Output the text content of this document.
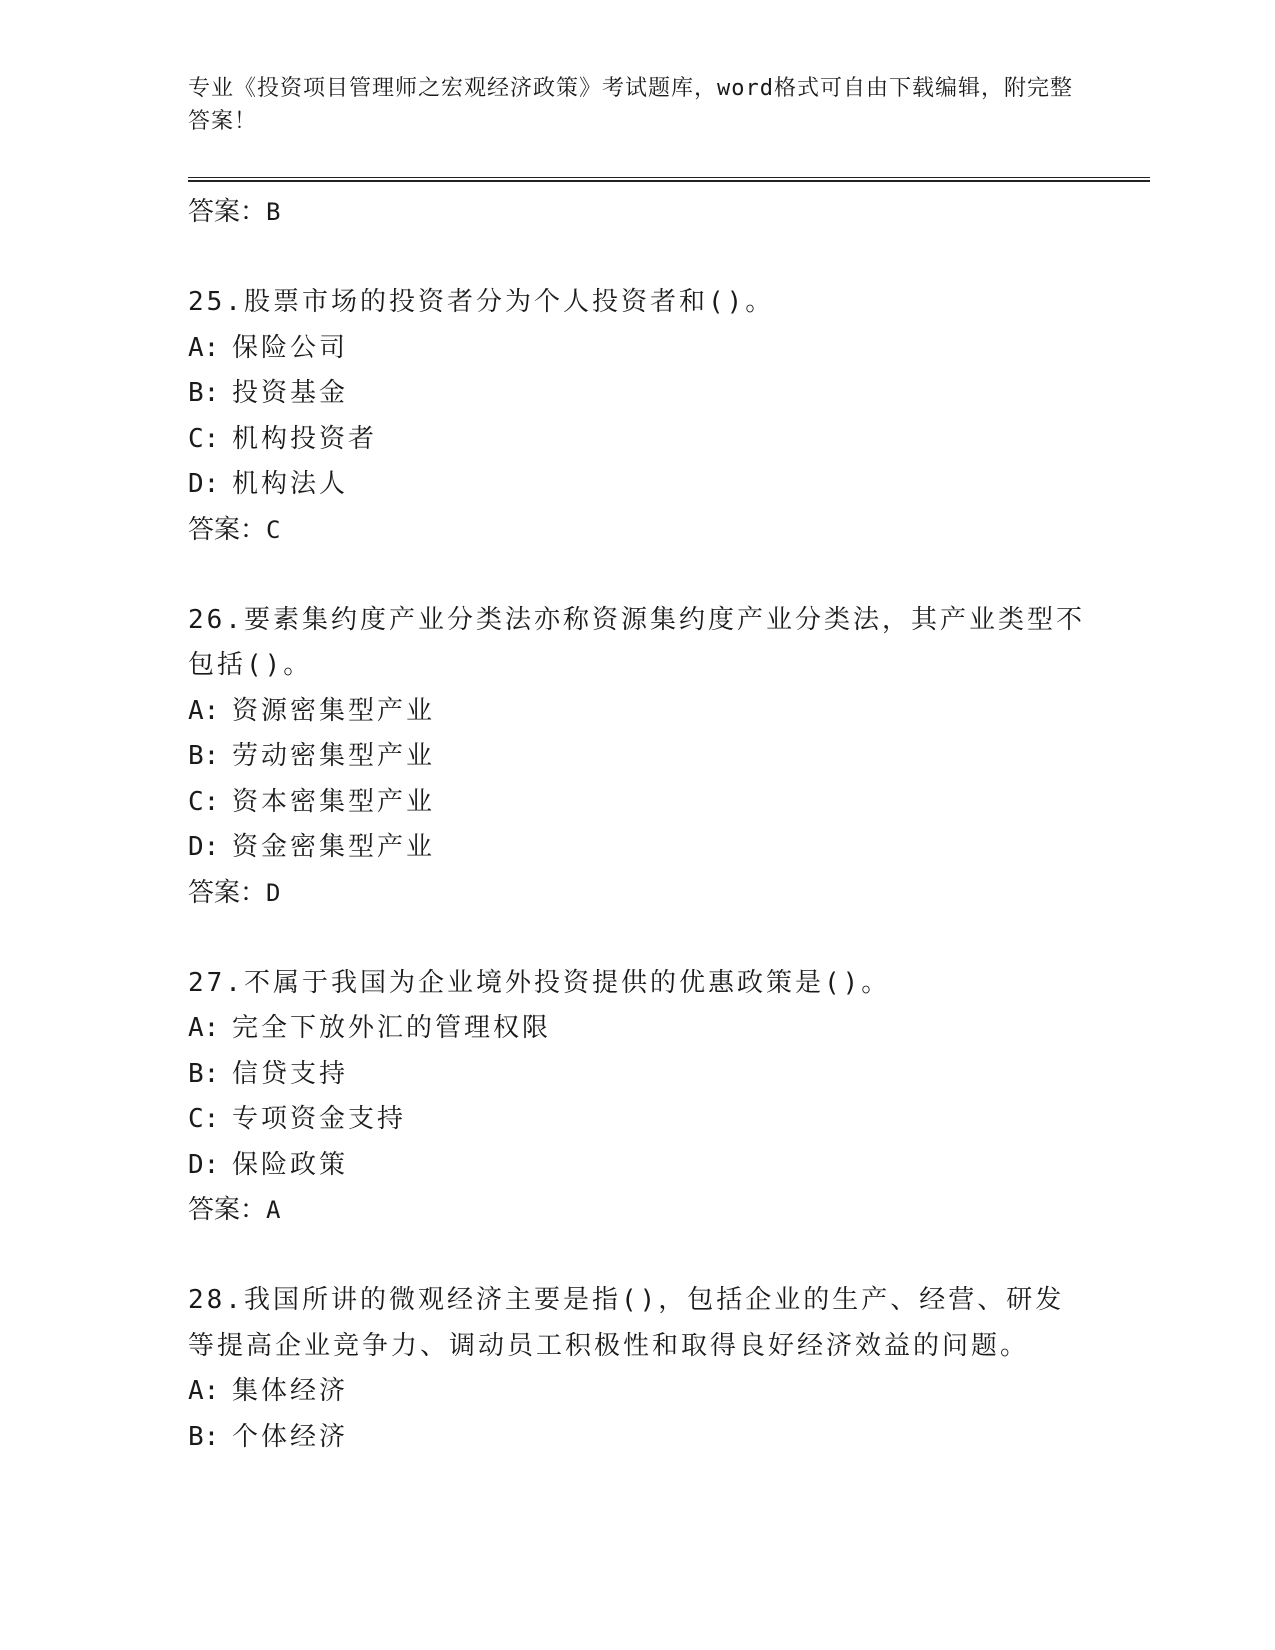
专业《投资项目管理师之宏观经济政策》考试题库，word格式可自由下载编辑，附完整答案！
答案：B
25.股票市场的投资者分为个人投资者和()。
A: 保险公司
B: 投资基金
C: 机构投资者
D: 机构法人
答案：C
26.要素集约度产业分类法亦称资源集约度产业分类法，其产业类型不包括()。
A: 资源密集型产业
B: 劳动密集型产业
C: 资本密集型产业
D: 资金密集型产业
答案：D
27.不属于我国为企业境外投资提供的优惠政策是()。
A: 完全下放外汇的管理权限
B: 信贷支持
C: 专项资金支持
D: 保险政策
答案：A
28.我国所讲的微观经济主要是指()，包括企业的生产、经营、研发等提高企业竞争力、调动员工积极性和取得良好经济效益的问题。
A: 集体经济
B: 个体经济
